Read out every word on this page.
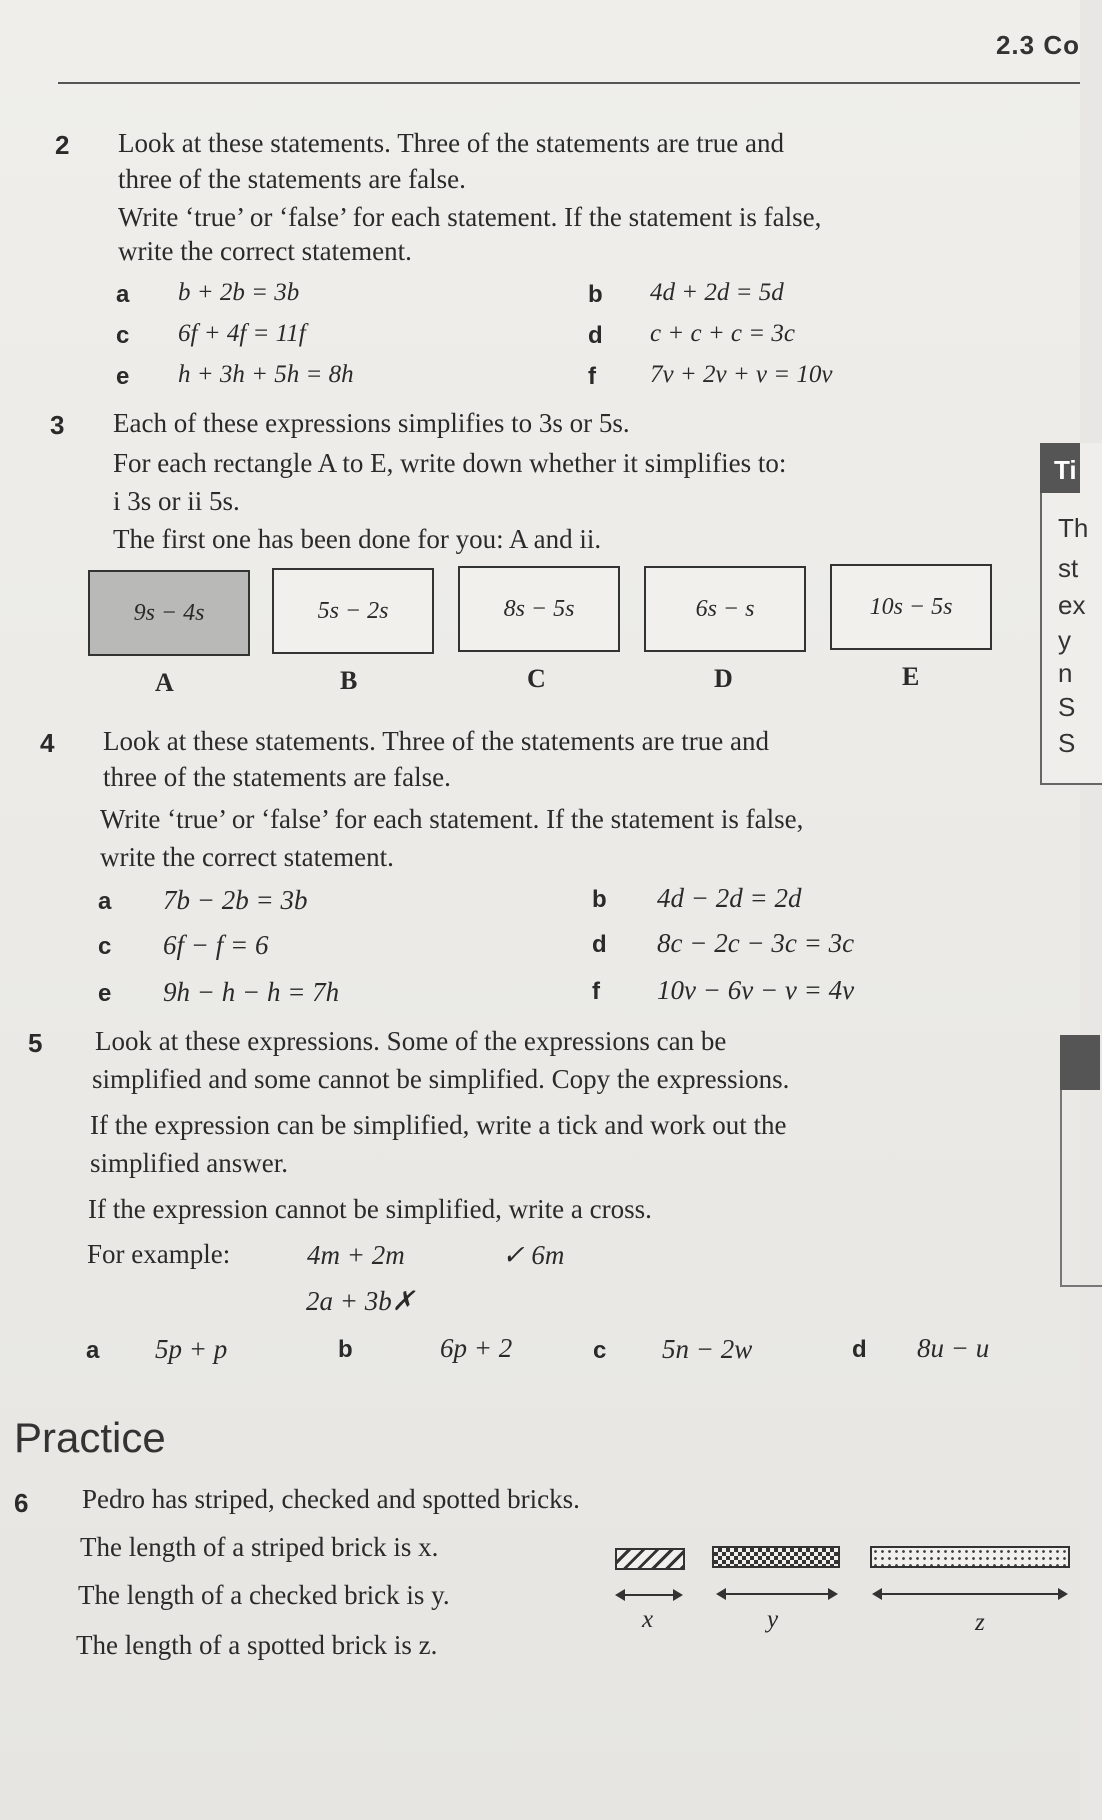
2.3 Co
2 Look at these statements. Three of the statements are true and
three of the statements are false.
Write ‘true’ or ‘false’ for each statement. If the statement is false,
write the correct statement.
a b + 2b = 3b	b 4d + 2d = 5d
c 6f + 4f = 11f	d c + c + c = 3c
e h + 3h + 5h = 8h	f 7v + 2v + v = 10v
3 Each of these expressions simplifies to 3s or 5s.
For each rectangle A to E, write down whether it simplifies to:
i 3s or ii 5s.
The first one has been done for you: A and ii.
9s − 4s	5s − 2s	8s − 5s	6s − s	10s − 5s
A	B	C	D	E
4 Look at these statements. Three of the statements are true and
three of the statements are false.
Write ‘true’ or ‘false’ for each statement. If the statement is false,
write the correct statement.
a 7b − 2b = 3b	b 4d − 2d = 2d
c 6f − f = 6	d 8c − 2c − 3c = 3c
e 9h − h − h = 7h	f 10v − 6v − v = 4v
5 Look at these expressions. Some of the expressions can be
simplified and some cannot be simplified. Copy the expressions.
If the expression can be simplified, write a tick and work out the
simplified answer.
If the expression cannot be simplified, write a cross.
For example:	4m + 2m	✓ 6m
2a + 3b✗
a 5p + p	b	6p + 2	c 5n − 2w	d 8u − u
Practice
6 Pedro has striped, checked and spotted bricks.
The length of a striped brick is x.
The length of a checked brick is y.
The length of a spotted brick is z.
x	y	z
Ti
Th
st
ex
y
n
S
S
